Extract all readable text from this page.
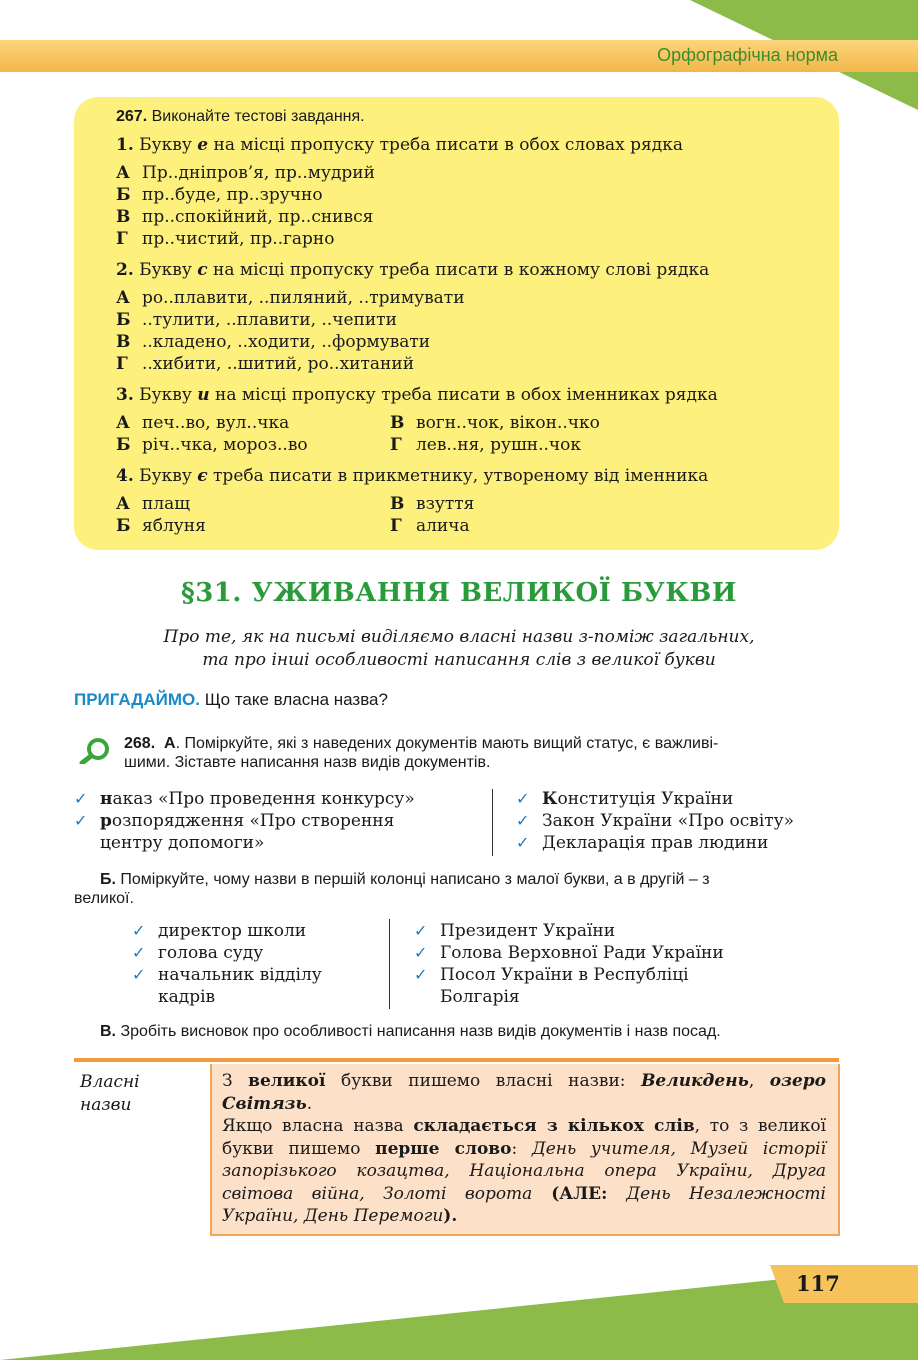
Орфографічна норма
267. Виконайте тестові завдання.
1. Букву е на місці пропуску треба писати в обох словах рядка
А Пр..дніпров’я, пр..мудрий
Б пр..буде, пр..зручно
В пр..спокійний, пр..снився
Г пр..чистий, пр..гарно
2. Букву с на місці пропуску треба писати в кожному слові рядка
А ро..плавити, ..пиляний, ..тримувати
Б ..тулити, ..плавити, ..чепити
В ..кладено, ..ходити, ..формувати
Г ..хибити, ..шитий, ро..хитаний
3. Букву и на місці пропуску треба писати в обох іменниках рядка
А печ..во, вул..чка	В вогн..чок, вікон..чко
Б річ..чка, мороз..во	Г лев..ня, рушн..чок
4. Букву є треба писати в прикметнику, утвореному від іменника
А плащ	В взуття
Б яблуня	Г алича
§31. УЖИВАННЯ ВЕЛИКОЇ БУКВИ
Про те, як на письмі виділяємо власні назви з-поміж загальних,
та про інші особливості написання слів з великої букви
ПРИГАДАЙМО. Що таке власна назва?
268. А. Поміркуйте, які з наведених документів мають вищий статус, є важливі-
шими. Зіставте написання назв видів документів.
✓ наказ «Про проведення конкурсу»
✓ розпорядження «Про створення
центру допомоги»
✓ Конституція України
✓ Закон України «Про освіту»
✓ Декларація прав людини
Б. Поміркуйте, чому назви в першій колонці написано з малої букви, а в другій – з
великої.
✓ директор школи
✓ голова суду
✓ начальник відділу
кадрів
✓ Президент України
✓ Голова Верховної Ради України
✓ Посол України в Республіці
Болгарія
В. Зробіть висновок про особливості написання назв видів документів і назв посад.
Власні
назви
З великої букви пишемо власні назви: Великдень, озеро Світязь.
Якщо власна назва складається з кількох слів, то з великої букви пишемо перше слово: День учителя, Музей історії запорізького козацтва, Національна опера України, Друга світова війна, Золоті ворота (АЛЕ: День Незалежності України, День Перемоги).
117
